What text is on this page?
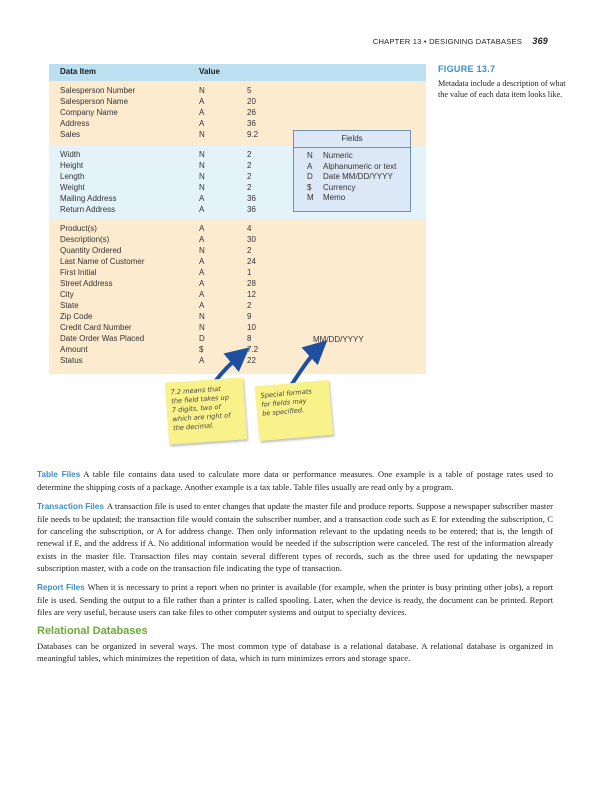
CHAPTER 13 • DESIGNING DATABASES 369
FIGURE 13.7
Metadata include a description of what the value of each data item looks like.
Data Item	Value
Salesperson Number	N	5
Salesperson Name	A	20
Company Name	A	26
Address	A	36
Sales	N	9.2
Width	N	2
Height	N	2
Length	N	2
Weight	N	2
Mailing Address	A	36
Return Address	A	36
Product(s)	A	4
Description(s)	A	30
Quantity Ordered	N	2
Last Name of Customer	A	24
First Initial	A	1
Street Address	A	28
City	A	12
State	A	2
Zip Code	N	9
Credit Card Number	N	10
Date Order Was Placed	D	8
Amount	$	7.2
Status	A	22
MM/DD/YYYY
Fields
N Numeric
A Alphanumeric or text
D Date MM/DD/YYYY
$ Currency
M Memo
7.2 means that
the field takes up
7 digits, two of
which are right of
the decimal.
Special formats
for fields may
be specified.

Table Files A table file contains data used to calculate more data or performance measures. One example is a table of postage rates used to determine the shipping costs of a package. Another example is a tax table. Table files usually are read only by a program.

Transaction Files A transaction file is used to enter changes that update the master file and produce reports. Suppose a newspaper subscriber master file needs to be updated; the transaction file would contain the subscriber number, and a transaction code such as E for extending the subscription, C for canceling the subscription, or A for address change. Then only information relevant to the updating needs to be entered; that is, the length of renewal if E, and the address if A. No additional information would be needed if the subscription were canceled. The rest of the information already exists in the master file. Transaction files may contain several different types of records, such as the three used for updating the newspaper subscription master, with a code on the transaction file indicating the type of transaction.

Report Files When it is necessary to print a report when no printer is available (for example, when the printer is busy printing other jobs), a report file is used. Sending the output to a file rather than a printer is called spooling. Later, when the device is ready, the document can be printed. Report files are very useful, because users can take files to other computer systems and output to specialty devices.

Relational Databases

Databases can be organized in several ways. The most common type of database is a relational database. A relational database is organized in meaningful tables, which minimizes the repetition of data, which in turn minimizes errors and storage space.
